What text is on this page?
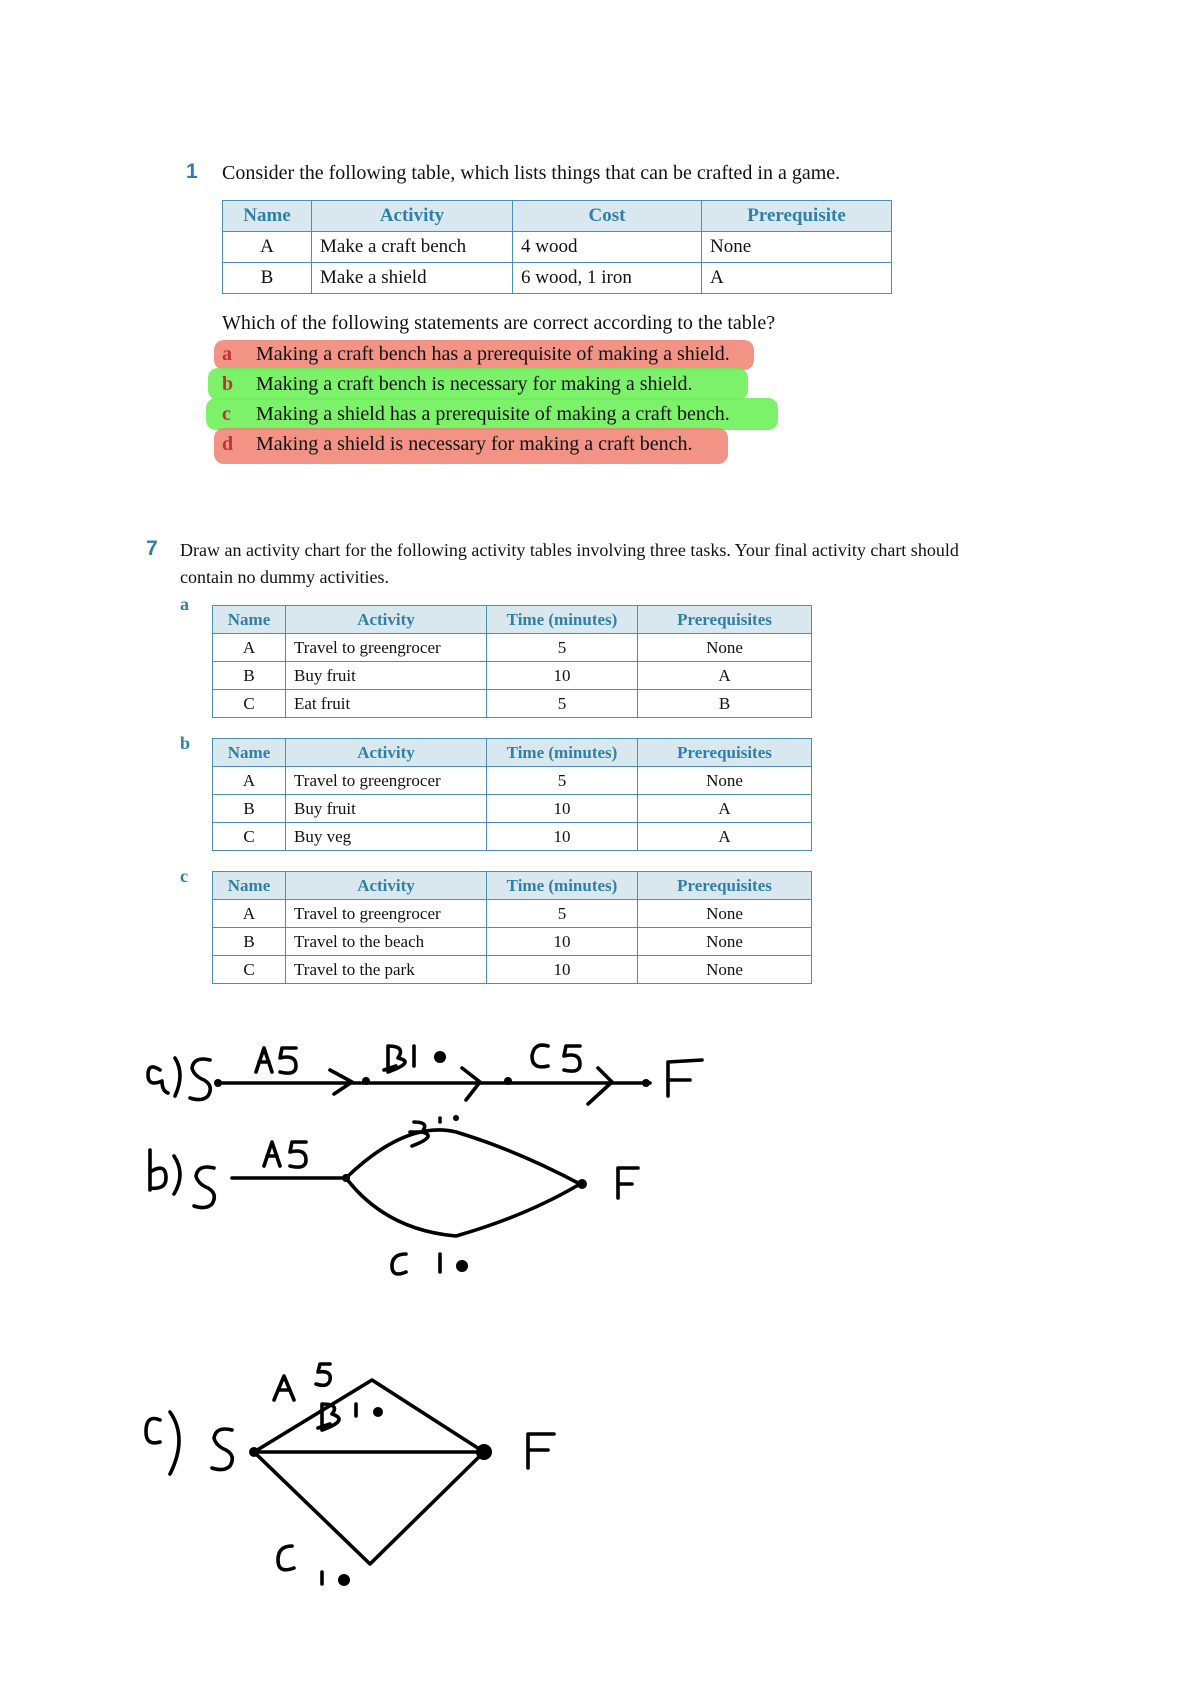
1 Consider the following table, which lists things that can be crafted in a game.
Name	Activity	Cost	Prerequisite
A	Make a craft bench	4 wood	None
B	Make a shield	6 wood, 1 iron	A
Which of the following statements are correct according to the table?
a Making a craft bench has a prerequisite of making a shield.
b Making a craft bench is necessary for making a shield.
c Making a shield has a prerequisite of making a craft bench.
d Making a shield is necessary for making a craft bench.
7 Draw an activity chart for the following activity tables involving three tasks. Your final activity chart should
contain no dummy activities.
a
b
c
Name	Activity	Time (minutes)	Prerequisites
A	Travel to greengrocer	5	None
B	Buy fruit	10	A
C	Eat fruit	5	B
Name	Activity	Time (minutes)	Prerequisites
A	Travel to greengrocer	5	None
B	Buy fruit	10	A
C	Buy veg	10	A
Name	Activity	Time (minutes)	Prerequisites
A	Travel to greengrocer	5	None
B	Travel to the beach	10	None
C	Travel to the park	10	None
